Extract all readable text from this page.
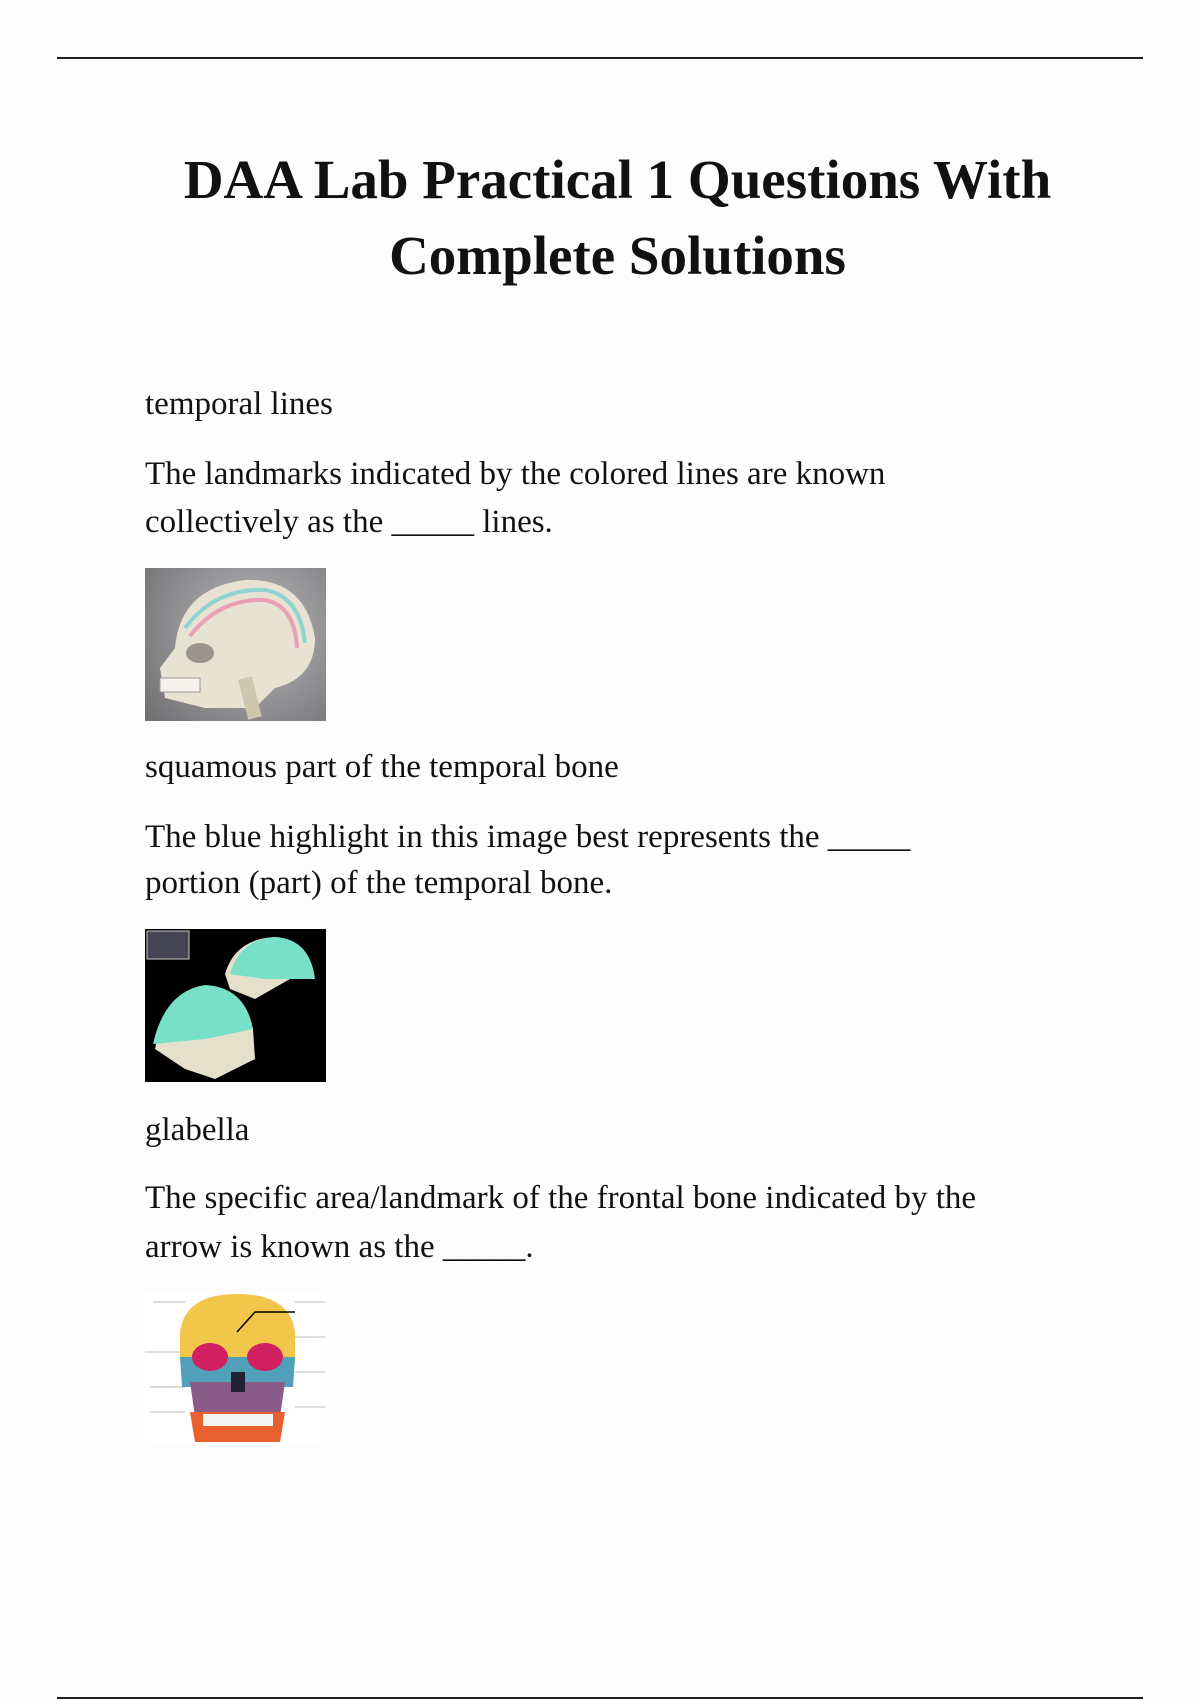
DAA Lab Practical 1 Questions With
Complete Solutions
temporal lines
The landmarks indicated by the colored lines are known
collectively as the _____ lines.
squamous part of the temporal bone
The blue highlight in this image best represents the _____
portion (part) of the temporal bone.
glabella
The specific area/landmark of the frontal bone indicated by the
arrow is known as the _____.
